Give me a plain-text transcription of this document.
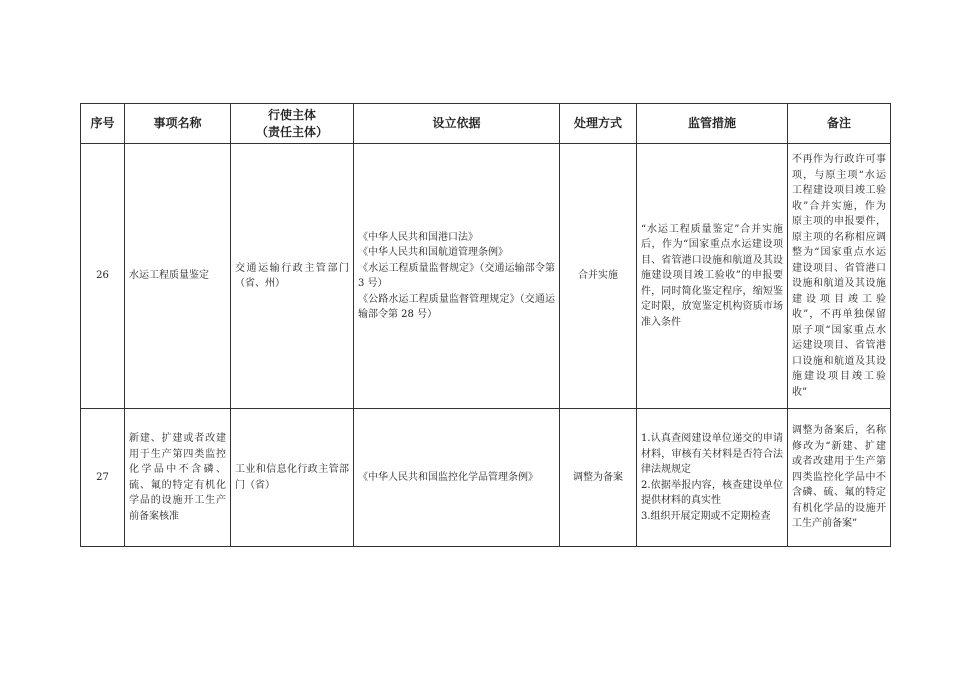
序号	事项名称	行使主体
（责任主体）	设立依据	处理方式	监管措施	备注
26	水运工程质量鉴定	交通运输行政主管部门（省、州）	《中华人民共和国港口法》
《中华人民共和国航道管理条例》
《水运工程质量监督规定》（交通运输部令第 3 号）
《公路水运工程质量监督管理规定》（交通运输部令第 28 号）	合并实施	“水运工程质量鉴定”合并实施后，作为“国家重点水运建设项目、省管港口设施和航道及其设施建设项目竣工验收”的申报要件，同时简化鉴定程序，缩短鉴定时限，放宽鉴定机构资质市场准入条件	不再作为行政许可事项，与原主项“水运工程建设项目竣工验收”合并实施，作为原主项的申报要件，原主项的名称相应调整为“国家重点水运建设项目、省管港口设施和航道及其设施建设项目竣工验收”，不再单独保留原子项“国家重点水运建设项目、省管港口设施和航道及其设施建设项目竣工验收”
27	新建、扩建或者改建用于生产第四类监控化学品中不含磷、硫、氟的特定有机化学品的设施开工生产前备案核准	工业和信息化行政主管部门（省）	《中华人民共和国监控化学品管理条例》	调整为备案	1.认真查阅建设单位递交的申请材料，审核有关材料是否符合法律法规规定
2.依据举报内容，核查建设单位提供材料的真实性
3.组织开展定期或不定期检查	调整为备案后，名称修改为“新建、扩建或者改建用于生产第四类监控化学品中不含磷、硫、氟的特定有机化学品的设施开工生产前备案”
